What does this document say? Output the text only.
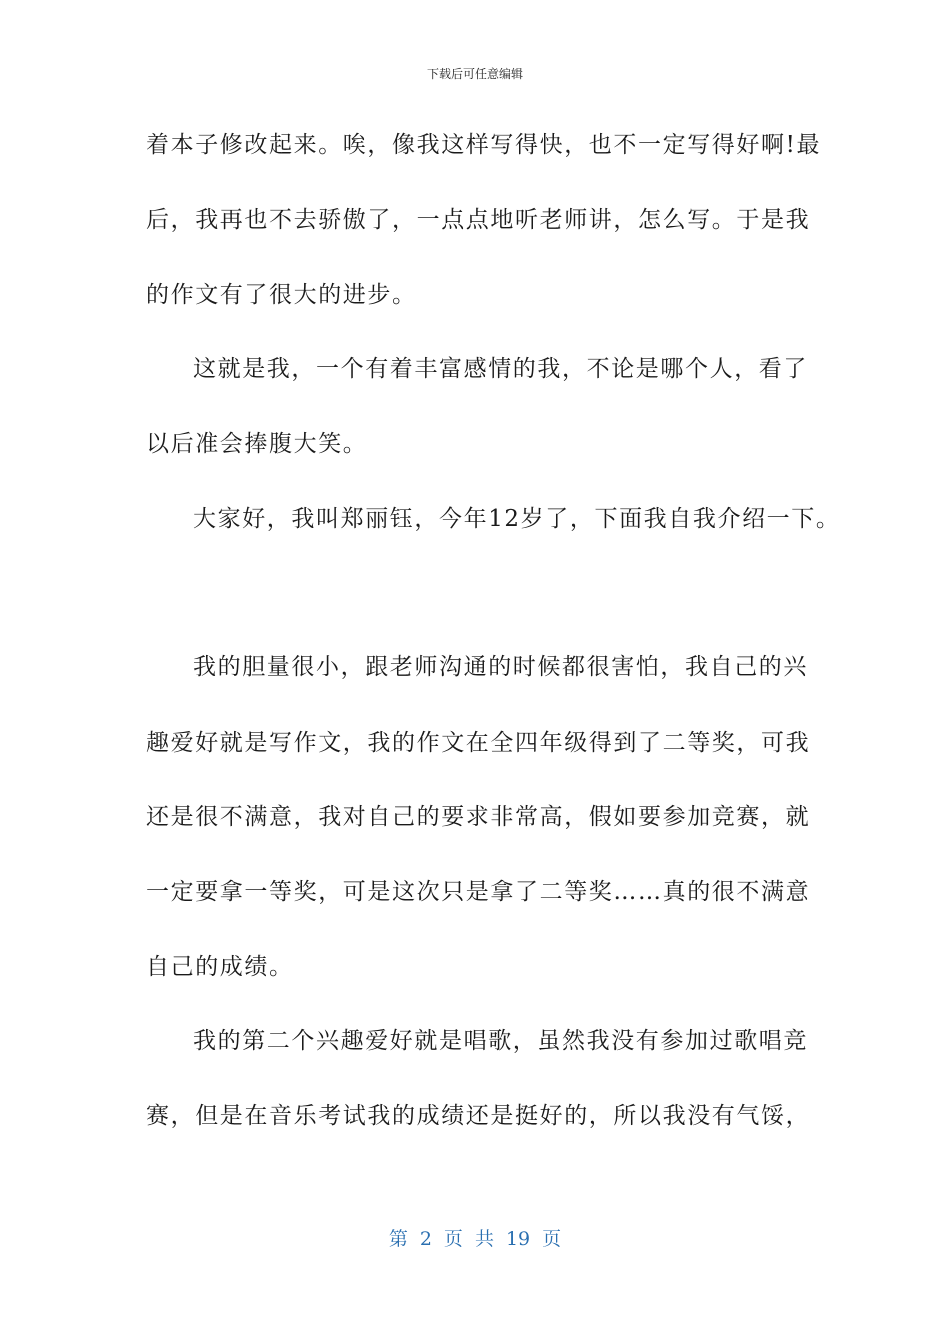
下载后可任意编辑
着本子修改起来。唉，像我这样写得快，也不一定写得好啊!最
后，我再也不去骄傲了，一点点地听老师讲，怎么写。于是我
的作文有了很大的进步。
这就是我，一个有着丰富感情的我，不论是哪个人，看了
以后准会捧腹大笑。
大家好，我叫郑丽钰，今年12岁了，下面我自我介绍一下。
我的胆量很小，跟老师沟通的时候都很害怕，我自己的兴
趣爱好就是写作文，我的作文在全四年级得到了二等奖，可我
还是很不满意，我对自己的要求非常高，假如要参加竞赛，就
一定要拿一等奖，可是这次只是拿了二等奖……真的很不满意
自己的成绩。
我的第二个兴趣爱好就是唱歌，虽然我没有参加过歌唱竞
赛，但是在音乐考试我的成绩还是挺好的，所以我没有气馁，
第 2 页 共 19 页
